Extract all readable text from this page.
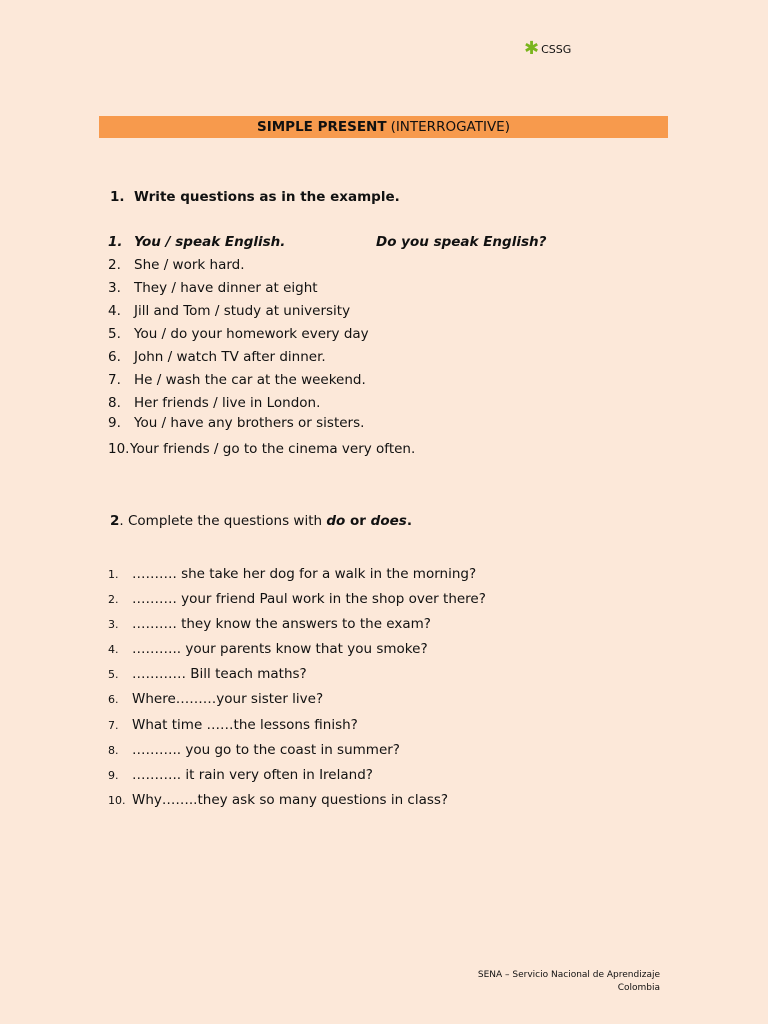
✱ CSSG
SIMPLE PRESENT (INTERROGATIVE)
1. Write questions as in the example.
1. You / speak English.	Do you speak English?
2. She / work hard.
3. They / have dinner at eight
4. Jill and Tom / study at university
5. You / do your homework every day
6. John / watch TV after dinner.
7. He / wash the car at the weekend.
8. Her friends / live in London.
9. You / have any brothers or sisters.
10.Your friends / go to the cinema very often.
2. Complete the questions with do or does.
1. ………. she take her dog for a walk in the morning?
2. ………. your friend Paul work in the shop over there?
3. ………. they know the answers to the exam?
4. ……….. your parents know that you smoke?
5. ………… Bill teach maths?
6. Where………your sister live?
7. What time ……the lessons finish?
8. ……….. you go to the coast in summer?
9. ……….. it rain very often in Ireland?
10. Why……..they ask so many questions in class?
SENA – Servicio Nacional de Aprendizaje
Colombia
